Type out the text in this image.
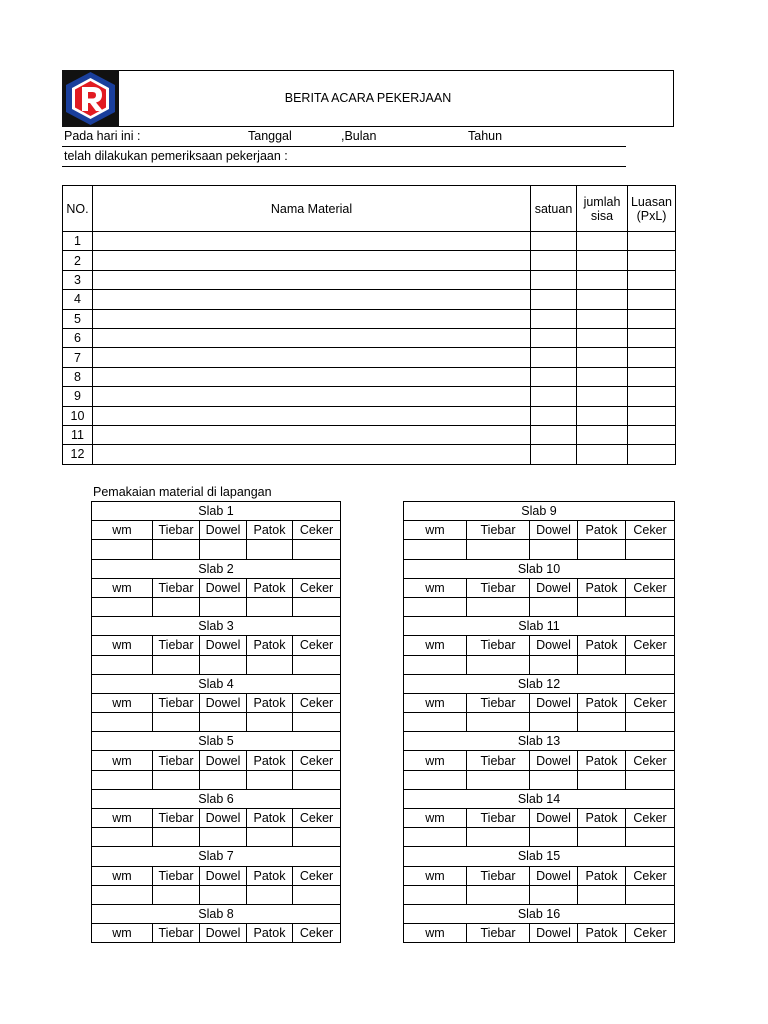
BERITA ACARA PEKERJAAN
Pada hari ini :	Tanggal	,Bulan	Tahun
telah dilakukan pemeriksaan pekerjaan :
NO.	Nama Material	satuan	jumlah sisa	Luasan (PxL)
1				
2				
3				
4				
5				
6				
7				
8				
9				
10				
11				
12				
Pemakaian material di lapangan
Slab 1				
wm	Tiebar	Dowel	Patok	Ceker

Slab 2				
wm	Tiebar	Dowel	Patok	Ceker

Slab 3				
wm	Tiebar	Dowel	Patok	Ceker

Slab 4				
wm	Tiebar	Dowel	Patok	Ceker

Slab 5				
wm	Tiebar	Dowel	Patok	Ceker

Slab 6				
wm	Tiebar	Dowel	Patok	Ceker

Slab 7				
wm	Tiebar	Dowel	Patok	Ceker

Slab 8				
wm	Tiebar	Dowel	Patok	Ceker
Slab 9				
wm	Tiebar	Dowel	Patok	Ceker

Slab 10				
wm	Tiebar	Dowel	Patok	Ceker

Slab 11				
wm	Tiebar	Dowel	Patok	Ceker

Slab 12				
wm	Tiebar	Dowel	Patok	Ceker

Slab 13				
wm	Tiebar	Dowel	Patok	Ceker

Slab 14				
wm	Tiebar	Dowel	Patok	Ceker

Slab 15				
wm	Tiebar	Dowel	Patok	Ceker

Slab 16				
wm	Tiebar	Dowel	Patok	Ceker
